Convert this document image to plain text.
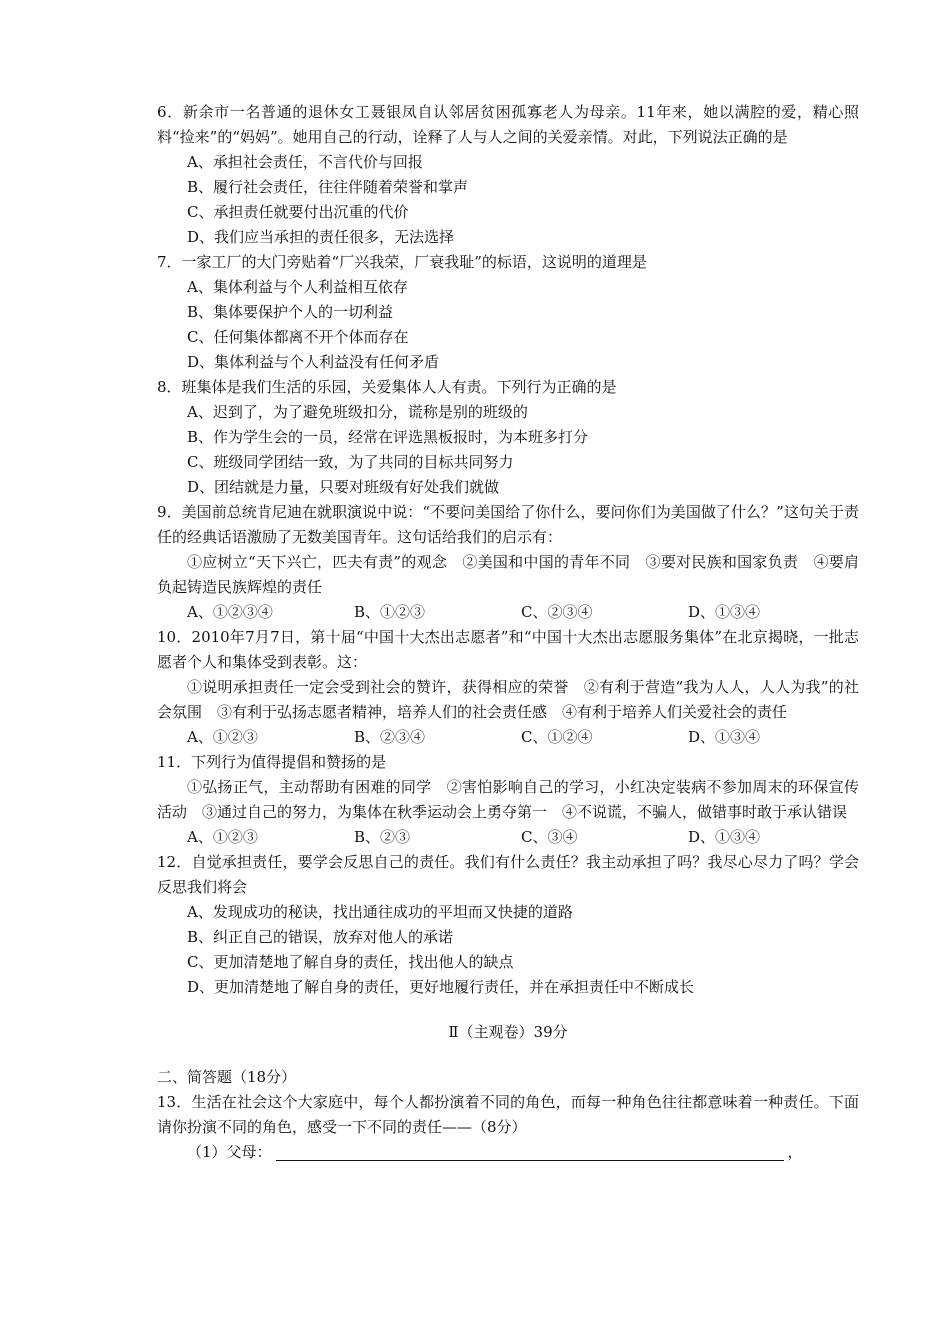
6．新余市一名普通的退休女工聂银凤自认邻居贫困孤寡老人为母亲。11年来，她以满腔的爱，精心照料“捡来”的“妈妈”。她用自己的行动，诠释了人与人之间的关爱亲情。对此，下列说法正确的是

A、承担社会责任，不言代价与回报

B、履行社会责任，往往伴随着荣誉和掌声

C、承担责任就要付出沉重的代价

D、我们应当承担的责任很多，无法选择

7．一家工厂的大门旁贴着“厂兴我荣，厂衰我耻”的标语，这说明的道理是

A、集体利益与个人利益相互依存

B、集体要保护个人的一切利益

C、任何集体都离不开个体而存在

D、集体利益与个人利益没有任何矛盾

8．班集体是我们生活的乐园，关爱集体人人有责。下列行为正确的是

A、迟到了，为了避免班级扣分，谎称是别的班级的

B、作为学生会的一员，经常在评选黑板报时，为本班多打分

C、班级同学团结一致，为了共同的目标共同努力

D、团结就是力量，只要对班级有好处我们就做

9．美国前总统肯尼迪在就职演说中说：“不要问美国给了你什么，要问你们为美国做了什么？”这句关于责任的经典话语激励了无数美国青年。这句话给我们的启示有：

①应树立“天下兴亡，匹夫有责”的观念　②美国和中国的青年不同　③要对民族和国家负责　④要肩负起铸造民族辉煌的责任

A、①②③④	B、①②③	C、②③④	D、①③④

10．2010年7月7日，第十届“中国十大杰出志愿者”和“中国十大杰出志愿服务集体”在北京揭晓，一批志愿者个人和集体受到表彰。这：

①说明承担责任一定会受到社会的赞许，获得相应的荣誉　②有利于营造“我为人人，人人为我”的社会氛围　③有利于弘扬志愿者精神，培养人们的社会责任感　④有利于培养人们关爱社会的责任

A、①②③	B、②③④	C、①②④	D、①③④

11．下列行为值得提倡和赞扬的是

①弘扬正气，主动帮助有困难的同学　②害怕影响自己的学习，小红决定装病不参加周末的环保宣传活动　③通过自己的努力，为集体在秋季运动会上勇夺第一　④不说谎，不骗人，做错事时敢于承认错误

A、①②③	B、②③	C、③④	D、①③④

12．自觉承担责任，要学会反思自己的责任。我们有什么责任？我主动承担了吗？我尽心尽力了吗？学会反思我们将会

A、发现成功的秘诀，找出通往成功的平坦而又快捷的道路

B、纠正自己的错误，放弃对他人的承诺

C、更加清楚地了解自身的责任，找出他人的缺点

D、更加清楚地了解自身的责任，更好地履行责任，并在承担责任中不断成长

Ⅱ（主观卷）39分

二、简答题（18分）

13．生活在社会这个大家庭中，每个人都扮演着不同的角色，而每一种角色往往都意味着一种责任。下面请你扮演不同的角色，感受一下不同的责任——（8分）

（1）父母：	，
